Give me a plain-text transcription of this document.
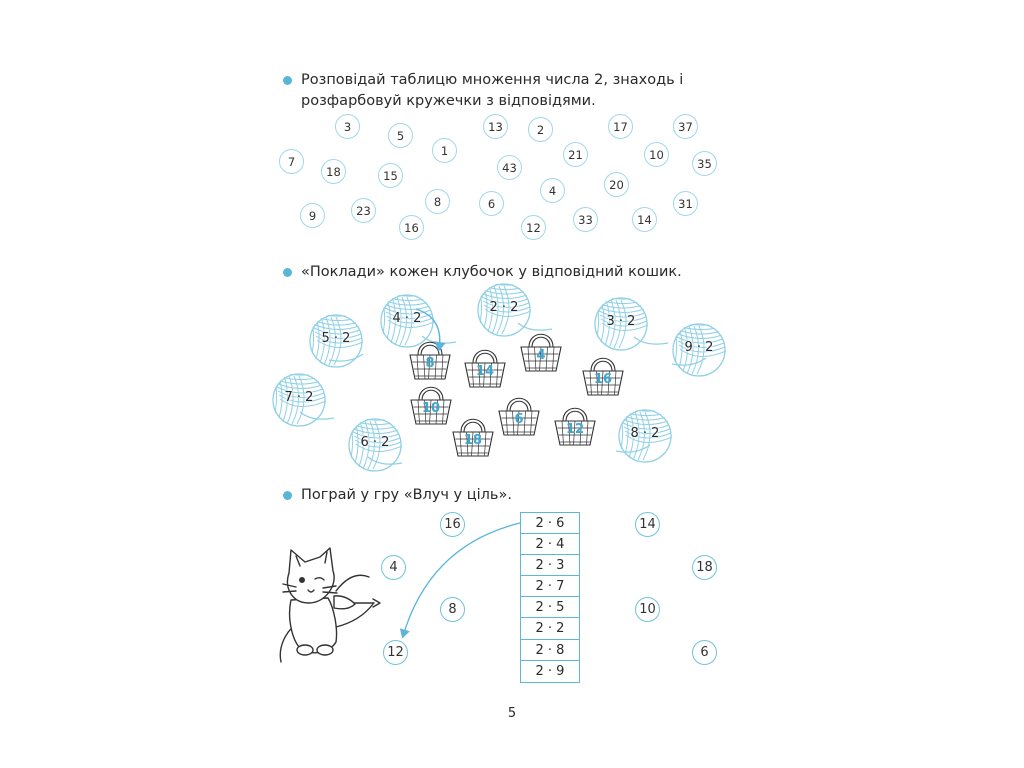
Розповідай таблицю множення числа 2, знаходь і розфарбовуй кружечки з відповідями.

3
5
13	2	17	37
7
18	15
1
43
21	10
35
4	20
9	23
8	6	31
16	12
33	14

«Поклади» кожен клубочок у відповідний кошик.

4 · 2
2 · 2
3 · 2
5 · 2
9 · 2
7 · 2
6 · 2
8 · 2
8
4
14
16
10
6
12
18

Пограй у гру «Влуч у ціль».

16	14
4	18
8	10
12	6
2 · 6
2 · 4
2 · 3
2 · 7
2 · 5
2 · 2
2 · 8
2 · 9
5
